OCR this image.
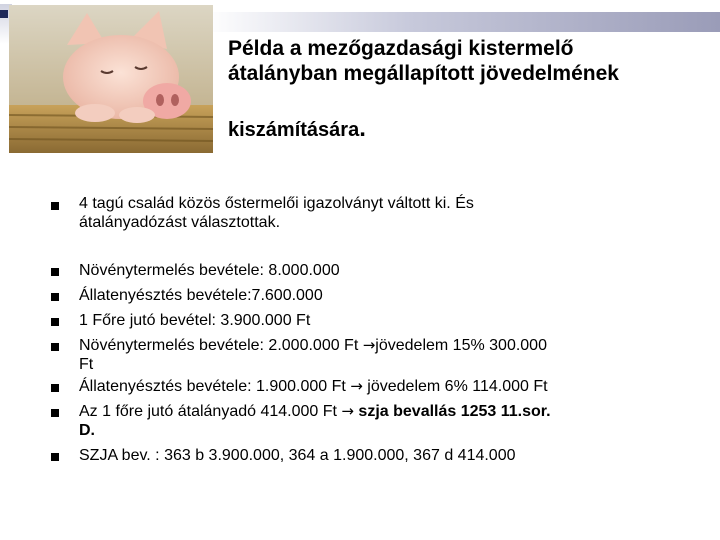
Példa a mezőgazdasági kistermelő
átalányban megállapított jövedelmének
kiszámítására.
4 tagú család közös őstermelői igazolványt váltott ki. És
átalányadózást választottak.
Növénytermelés bevétele: 8.000.000
Állatenyésztés bevétele:7.600.000
1 Főre jutó bevétel: 3.900.000 Ft
Növénytermelés bevétele: 2.000.000 Ft →jövedelem 15% 300.000
Ft
Állatenyésztés bevétele: 1.900.000 Ft → jövedelem 6% 114.000 Ft
Az 1 főre jutó átalányadó 414.000 Ft → szja bevallás 1253 11.sor.
D.
SZJA bev. : 363 b 3.900.000, 364 a 1.900.000, 367 d 414.000
